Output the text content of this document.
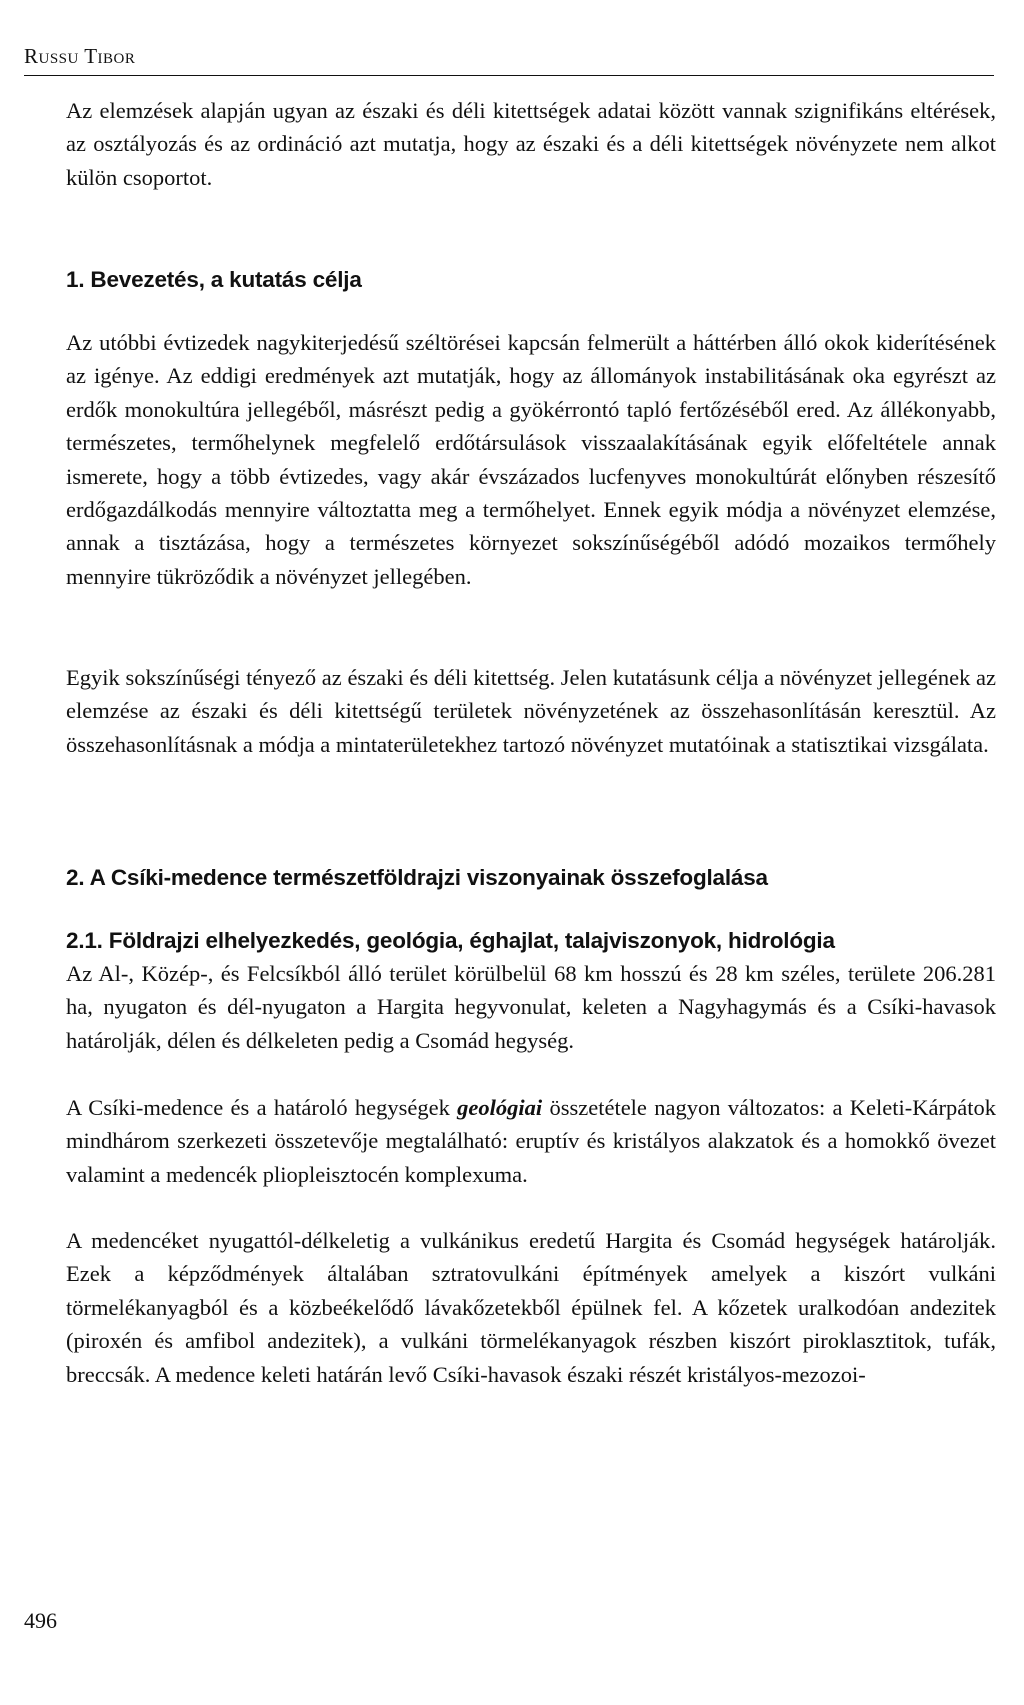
Russu Tibor

Az elemzések alapján ugyan az északi és déli kitettségek adatai között vannak szignifikáns eltérések, az osztályozás és az ordináció azt mutatja, hogy az északi és a déli kitettségek növényzete nem alkot külön csoportot.

1. Bevezetés, a kutatás célja

Az utóbbi évtizedek nagykiterjedésű széltörései kapcsán felmerült a háttérben álló okok kiderítésének az igénye. Az eddigi eredmények azt mutatják, hogy az állományok instabilitásának oka egyrészt az erdők monokultúra jellegéből, másrészt pedig a gyökérrontó tapló fertőzéséből ered. Az állékonyabb, természetes, termőhelynek megfelelő erdőtársulások visszaalakításának egyik előfeltétele annak ismerete, hogy a több évtizedes, vagy akár évszázados lucfenyves monokultúrát előnyben részesítő erdőgazdálkodás mennyire változtatta meg a termőhelyet. Ennek egyik módja a növényzet elemzése, annak a tisztázása, hogy a természetes környezet sokszínűségéből adódó mozaikos termőhely mennyire tükröződik a növényzet jellegében.

Egyik sokszínűségi tényező az északi és déli kitettség. Jelen kutatásunk célja a növényzet jellegének az elemzése az északi és déli kitettségű területek növényzetének az összehasonlításán keresztül. Az összehasonlításnak a módja a mintaterületekhez tartozó növényzet mutatóinak a statisztikai vizsgálata.

2. A Csíki-medence természetföldrajzi viszonyainak összefoglalása
2.1. Földrajzi elhelyezkedés, geológia, éghajlat, talajviszonyok, hidrológia

Az Al-, Közép-, és Felcsíkból álló terület körülbelül 68 km hosszú és 28 km széles, területe 206.281 ha, nyugaton és dél-nyugaton a Hargita hegyvonulat, keleten a Nagyhagymás és a Csíki-havasok határolják, délen és délkeleten pedig a Csomád hegység.

A Csíki-medence és a határoló hegységek geológiai összetétele nagyon változatos: a Keleti-Kárpátok mindhárom szerkezeti összetevője megtalálható: eruptív és kristályos alakzatok és a homokkő övezet valamint a medencék pliopleisztocén komplexuma.

A medencéket nyugattól-délkeletig a vulkánikus eredetű Hargita és Csomád hegységek határolják. Ezek a képződmények általában sztratovulkáni építmények amelyek a kiszórt vulkáni törmelékanyagból és a közbeékelődő lávakőzetekből épülnek fel. A kőzetek uralkodóan andezitek (piroxén és amfibol andezitek), a vulkáni törmelékanyagok részben kiszórt piroklasztitok, tufák, breccsák. A medence keleti határán levő Csíki-havasok északi részét kristályos-mezozoi-

496
